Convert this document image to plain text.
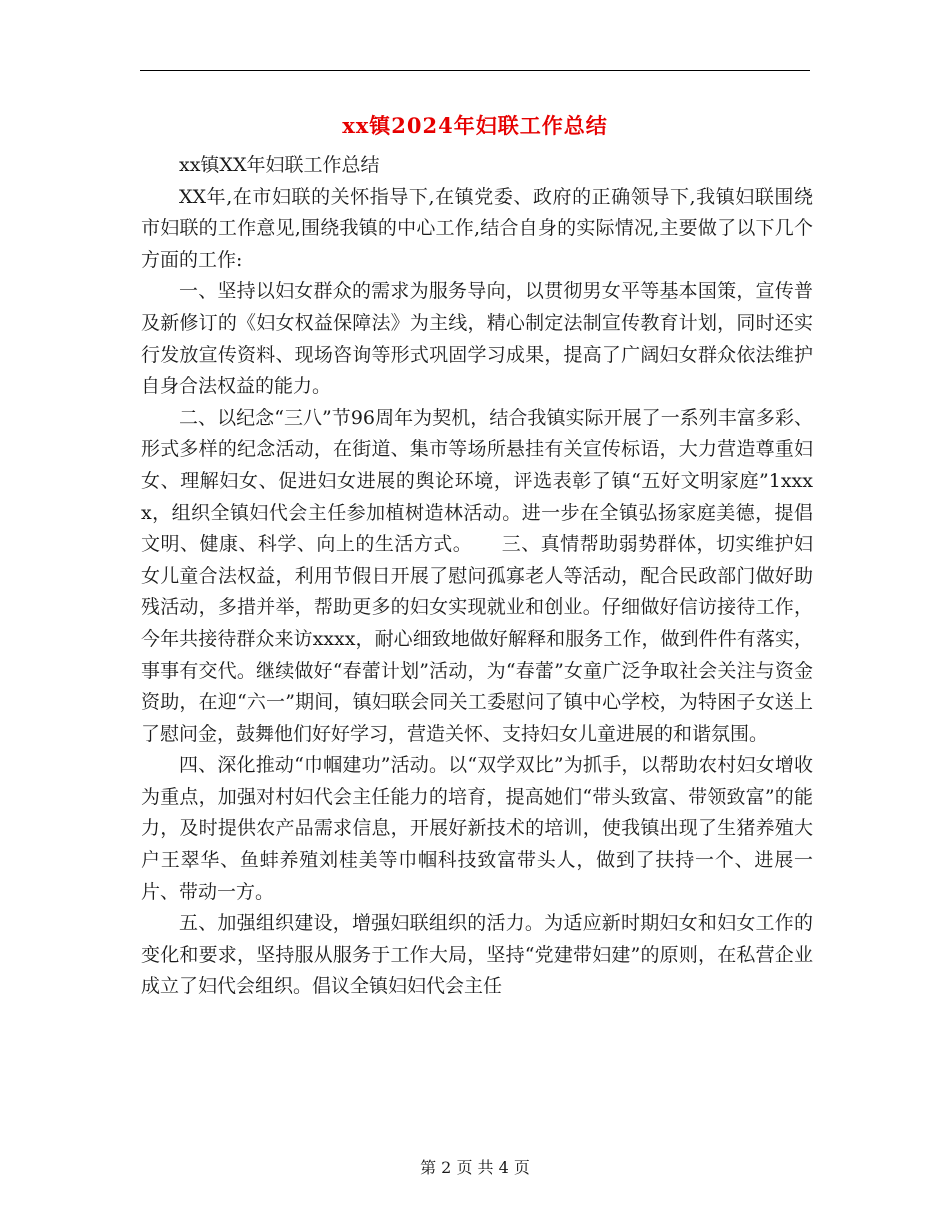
xx镇2024年妇联工作总结

xx镇XX年妇联工作总结

XX年,在市妇联的关怀指导下,在镇党委、政府的正确领导下,我镇妇联围绕市妇联的工作意见,围绕我镇的中心工作,结合自身的实际情况,主要做了以下几个方面的工作:

一、坚持以妇女群众的需求为服务导向，以贯彻男女平等基本国策，宣传普及新修订的《妇女权益保障法》为主线，精心制定法制宣传教育计划，同时还实行发放宣传资料、现场咨询等形式巩固学习成果，提高了广阔妇女群众依法维护自身合法权益的能力。

二、以纪念“三八”节96周年为契机，结合我镇实际开展了一系列丰富多彩、形式多样的纪念活动，在街道、集市等场所悬挂有关宣传标语，大力营造尊重妇女、理解妇女、促进妇女进展的舆论环境，评选表彰了镇“五好文明家庭”1xxxx，组织全镇妇代会主任参加植树造林活动。进一步在全镇弘扬家庭美德，提倡文明、健康、科学、向上的生活方式。　　三、真情帮助弱势群体，切实维护妇女儿童合法权益，利用节假日开展了慰问孤寡老人等活动，配合民政部门做好助残活动，多措并举，帮助更多的妇女实现就业和创业。仔细做好信访接待工作，今年共接待群众来访xxxx，耐心细致地做好解释和服务工作，做到件件有落实，事事有交代。继续做好“春蕾计划”活动，为“春蕾”女童广泛争取社会关注与资金资助，在迎“六一”期间，镇妇联会同关工委慰问了镇中心学校，为特困子女送上了慰问金，鼓舞他们好好学习，营造关怀、支持妇女儿童进展的和谐氛围。

四、深化推动“巾帼建功”活动。以“双学双比”为抓手，以帮助农村妇女增收为重点，加强对村妇代会主任能力的培育，提高她们“带头致富、带领致富”的能力，及时提供农产品需求信息，开展好新技术的培训，使我镇出现了生猪养殖大户王翠华、鱼蚌养殖刘桂美等巾帼科技致富带头人，做到了扶持一个、进展一片、带动一方。

五、加强组织建设，增强妇联组织的活力。为适应新时期妇女和妇女工作的变化和要求，坚持服从服务于工作大局，坚持“党建带妇建”的原则，在私营企业成立了妇代会组织。倡议全镇妇妇代会主任

第 2 页 共 4 页
